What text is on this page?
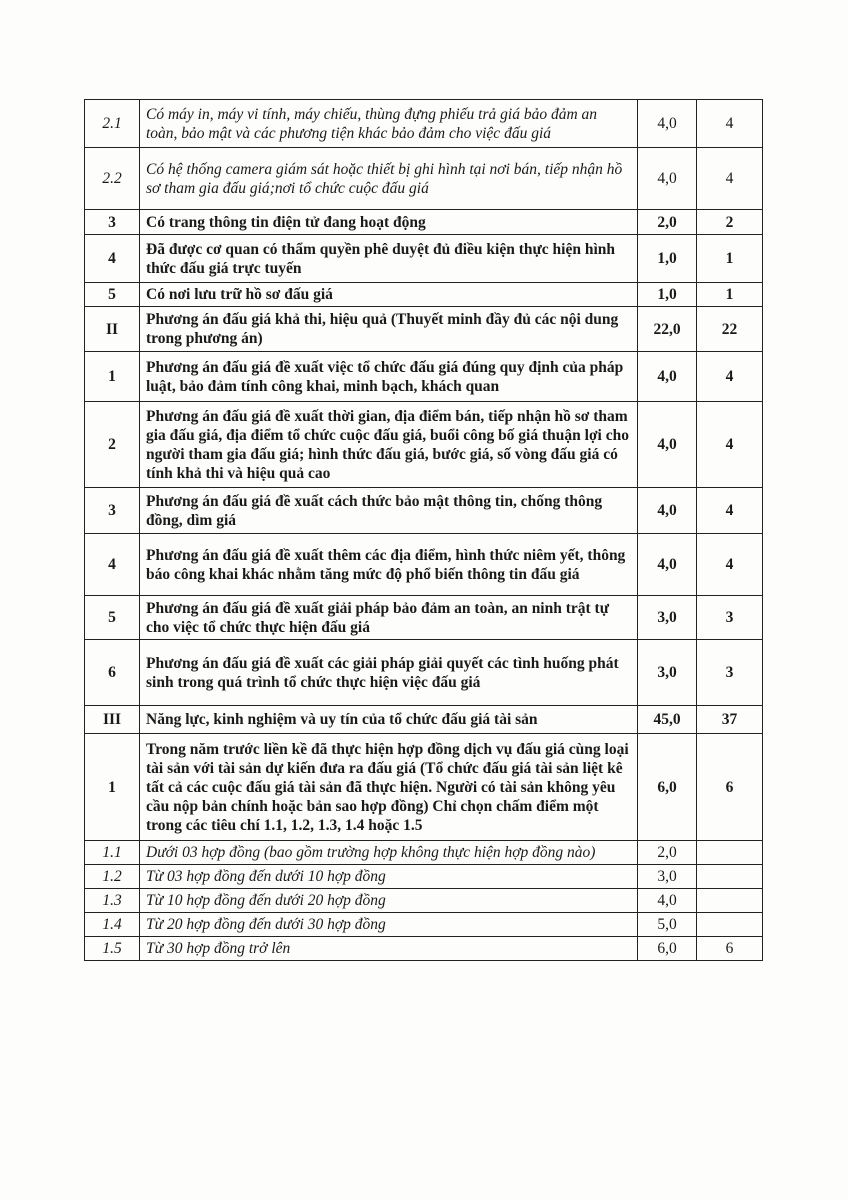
2.1	Có máy in, máy vi tính, máy chiếu, thùng đựng phiếu trả giá bảo đảm an toàn, bảo mật và các phương tiện khác bảo đảm cho việc đấu giá	4,0	4
2.2	Có hệ thống camera giám sát hoặc thiết bị ghi hình tại nơi bán, tiếp nhận hồ sơ tham gia đấu giá;nơi tổ chức cuộc đấu giá	4,0	4
3	Có trang thông tin điện tử đang hoạt động	2,0	2
4	Đã được cơ quan có thẩm quyền phê duyệt đủ điều kiện thực hiện hình thức đấu giá trực tuyến	1,0	1
5	Có nơi lưu trữ hồ sơ đấu giá	1,0	1
II	Phương án đấu giá khả thi, hiệu quả (Thuyết minh đầy đủ các nội dung trong phương án)	22,0	22
1	Phương án đấu giá đề xuất việc tổ chức đấu giá đúng quy định của pháp luật, bảo đảm tính công khai, minh bạch, khách quan	4,0	4
2	Phương án đấu giá đề xuất thời gian, địa điểm bán, tiếp nhận hồ sơ tham gia đấu giá, địa điểm tổ chức cuộc đấu giá, buổi công bố giá thuận lợi cho người tham gia đấu giá; hình thức đấu giá, bước giá, số vòng đấu giá có tính khả thi và hiệu quả cao	4,0	4
3	Phương án đấu giá đề xuất cách thức bảo mật thông tin, chống thông đồng, dìm giá	4,0	4
4	Phương án đấu giá đề xuất thêm các địa điểm, hình thức niêm yết, thông báo công khai khác nhằm tăng mức độ phổ biến thông tin đấu giá	4,0	4
5	Phương án đấu giá đề xuất giải pháp bảo đảm an toàn, an ninh trật tự cho việc tổ chức thực hiện đấu giá	3,0	3
6	Phương án đấu giá đề xuất các giải pháp giải quyết các tình huống phát sinh trong quá trình tổ chức thực hiện việc đấu giá	3,0	3
III	Năng lực, kinh nghiệm và uy tín của tổ chức đấu giá tài sản	45,0	37
1	Trong năm trước liền kề đã thực hiện hợp đồng dịch vụ đấu giá cùng loại tài sản với tài sản dự kiến đưa ra đấu giá (Tổ chức đấu giá tài sản liệt kê tất cả các cuộc đấu giá tài sản đã thực hiện. Người có tài sản không yêu cầu nộp bản chính hoặc bản sao hợp đồng) Chỉ chọn chấm điểm một trong các tiêu chí 1.1, 1.2, 1.3, 1.4 hoặc 1.5	6,0	6
1.1	Dưới 03 hợp đồng (bao gồm trường hợp không thực hiện hợp đồng nào)	2,0	
1.2	Từ 03 hợp đồng đến dưới 10 hợp đồng	3,0	
1.3	Từ 10 hợp đồng đến dưới 20 hợp đồng	4,0	
1.4	Từ 20 hợp đồng đến dưới 30 hợp đồng	5,0	
1.5	Từ 30 hợp đồng trở lên	6,0	6
